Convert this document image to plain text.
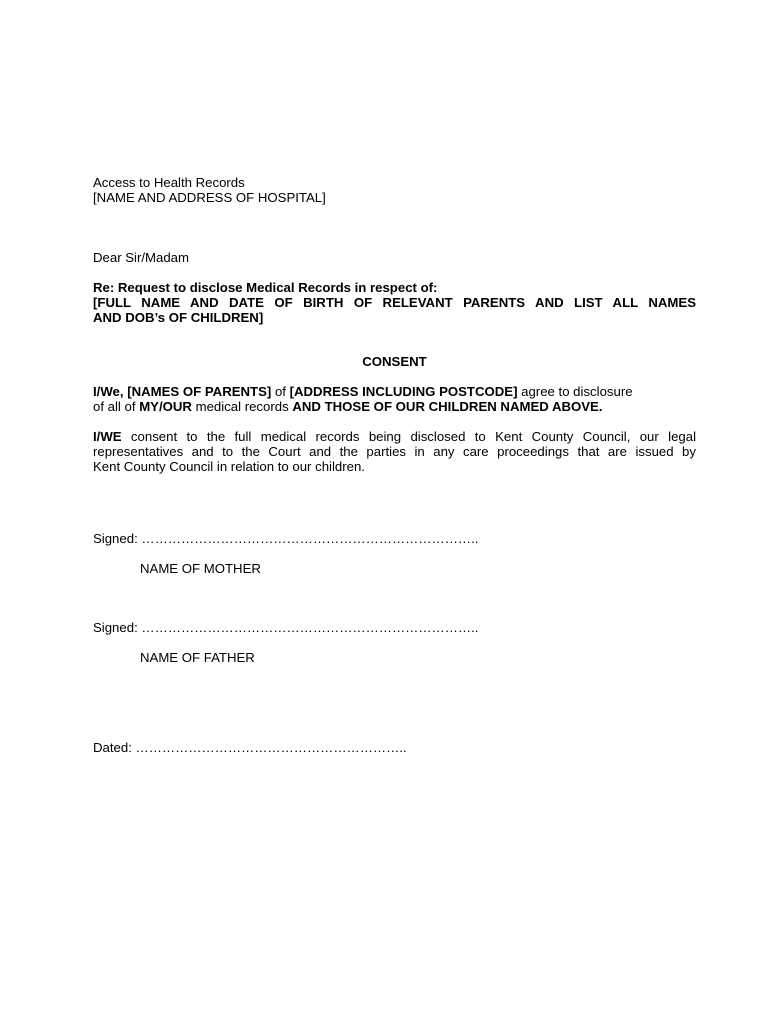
Access to Health Records
[NAME AND ADDRESS OF HOSPITAL]
Dear Sir/Madam
Re: Request to disclose Medical Records in respect of:
[FULL NAME AND DATE OF BIRTH OF RELEVANT PARENTS AND LIST ALL NAMES
AND DOB’s OF CHILDREN]
CONSENT
I/We, [NAMES OF PARENTS] of [ADDRESS INCLUDING POSTCODE] agree to disclosure
of all of MY/OUR medical records AND THOSE OF OUR CHILDREN NAMED ABOVE.
I/WE consent to the full medical records being disclosed to Kent County Council, our legal
representatives and to the Court and the parties in any care proceedings that are issued by
Kent County Council in relation to our children.
Signed: …………………………………………………………………..
NAME OF MOTHER
Signed: …………………………………………………………………..
NAME OF FATHER
Dated: ……………………………………………………..
